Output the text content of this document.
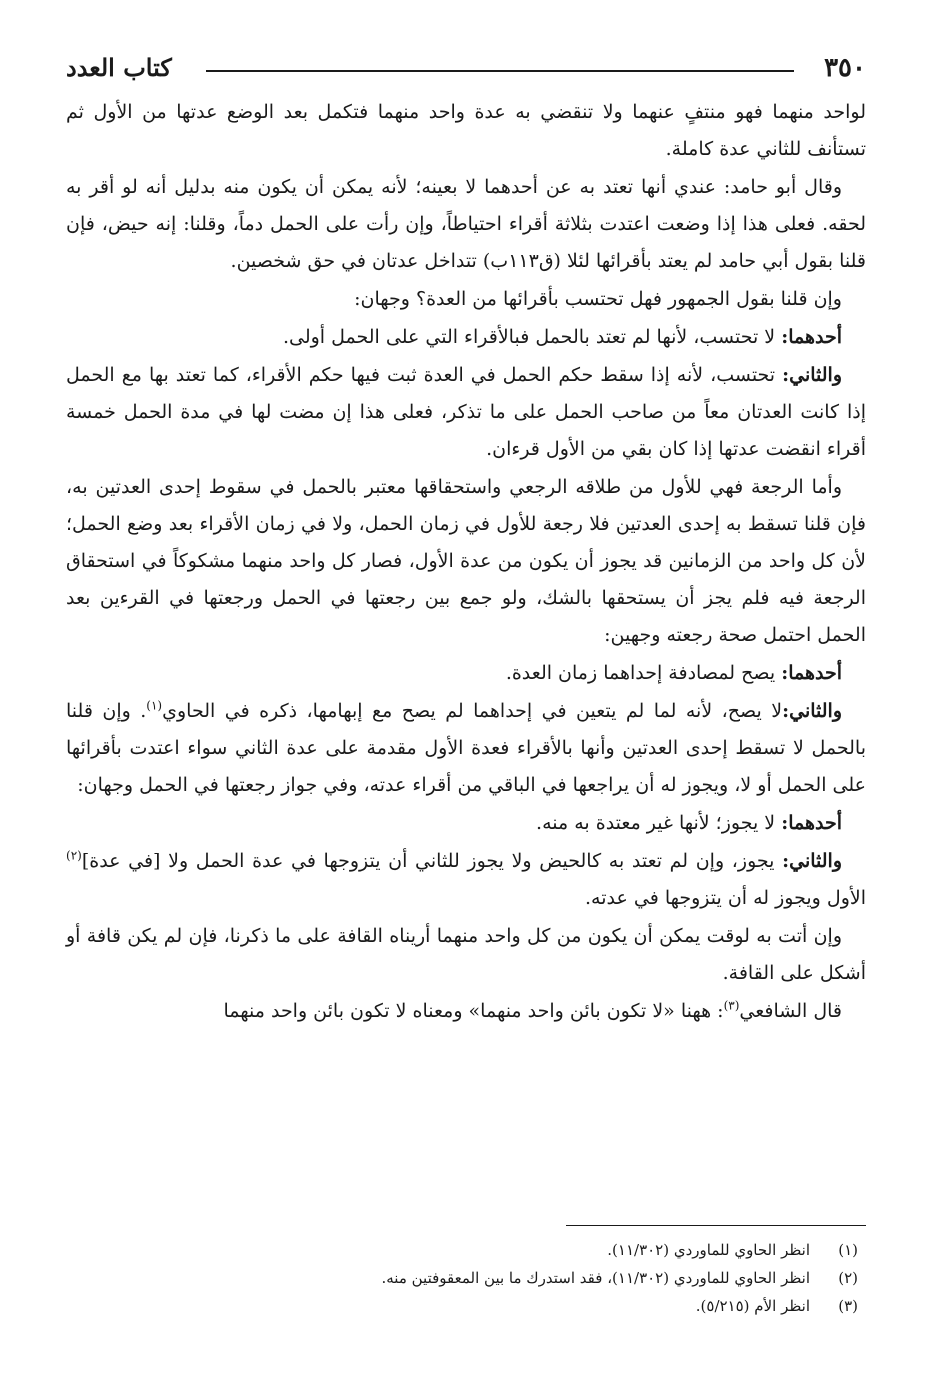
٣٥٠
كتاب العدد

لواحد منهما فهو منتفٍ عنهما ولا تنقضي به عدة واحد منهما فتكمل بعد الوضع عدتها من الأول ثم تستأنف للثاني عدة كاملة.

وقال أبو حامد: عندي أنها تعتد به عن أحدهما لا بعينه؛ لأنه يمكن أن يكون منه بدليل أنه لو أقر به لحقه. فعلى هذا إذا وضعت اعتدت بثلاثة أقراء احتياطاً، وإن رأت على الحمل دماً، وقلنا: إنه حيض، فإن قلنا بقول أبي حامد لم يعتد بأقرائها لئلا (ق١١٣ب) تتداخل عدتان في حق شخصين.

وإن قلنا بقول الجمهور فهل تحتسب بأقرائها من العدة؟ وجهان:

أحدهما: لا تحتسب، لأنها لم تعتد بالحمل فبالأقراء التي على الحمل أولى.

والثاني: تحتسب، لأنه إذا سقط حكم الحمل في العدة ثبت فيها حكم الأقراء، كما تعتد بها مع الحمل إذا كانت العدتان معاً من صاحب الحمل على ما تذكر، فعلى هذا إن مضت لها في مدة الحمل خمسة أقراء انقضت عدتها إذا كان بقي من الأول قرءان.

وأما الرجعة فهي للأول من طلاقه الرجعي واستحقاقها معتبر بالحمل في سقوط إحدى العدتين به، فإن قلنا تسقط به إحدى العدتين فلا رجعة للأول في زمان الحمل، ولا في زمان الأقراء بعد وضع الحمل؛ لأن كل واحد من الزمانين قد يجوز أن يكون من عدة الأول، فصار كل واحد منهما مشكوكاً في استحقاق الرجعة فيه فلم يجز أن يستحقها بالشك، ولو جمع بين رجعتها في الحمل ورجعتها في القرءين بعد الحمل احتمل صحة رجعته وجهين:

أحدهما: يصح لمصادفة إحداهما زمان العدة.

والثاني:لا يصح، لأنه لما لم يتعين في إحداهما لم يصح مع إبهامها، ذكره في الحاوي$^{(١)}$. وإن قلنا بالحمل لا تسقط إحدى العدتين وأنها بالأقراء فعدة الأول مقدمة على عدة الثاني سواء اعتدت بأقرائها على الحمل أو لا، ويجوز له أن يراجعها في الباقي من أقراء عدته، وفي جواز رجعتها في الحمل وجهان:

أحدهما: لا يجوز؛ لأنها غير معتدة به منه.

والثاني: يجوز، وإن لم تعتد به كالحيض ولا يجوز للثاني أن يتزوجها في عدة الحمل ولا [في عدة]$^{(٢)}$ الأول ويجوز له أن يتزوجها في عدته.

وإن أتت به لوقت يمكن أن يكون من كل واحد منهما أريناه القافة على ما ذكرنا، فإن لم يكن قافة أو أشكل على القافة.

قال الشافعي$^{(٣)}$: ههنا «لا تكون بائن واحد منهما» ومعناه لا تكون بائن واحد منهما

(١)
انظر الحاوي للماوردي (١١/٣٠٢).
(٢)
انظر الحاوي للماوردي (١١/٣٠٢)، فقد استدرك ما بين المعقوفتين منه.
(٣)
انظر الأم (٥/٢١٥).
